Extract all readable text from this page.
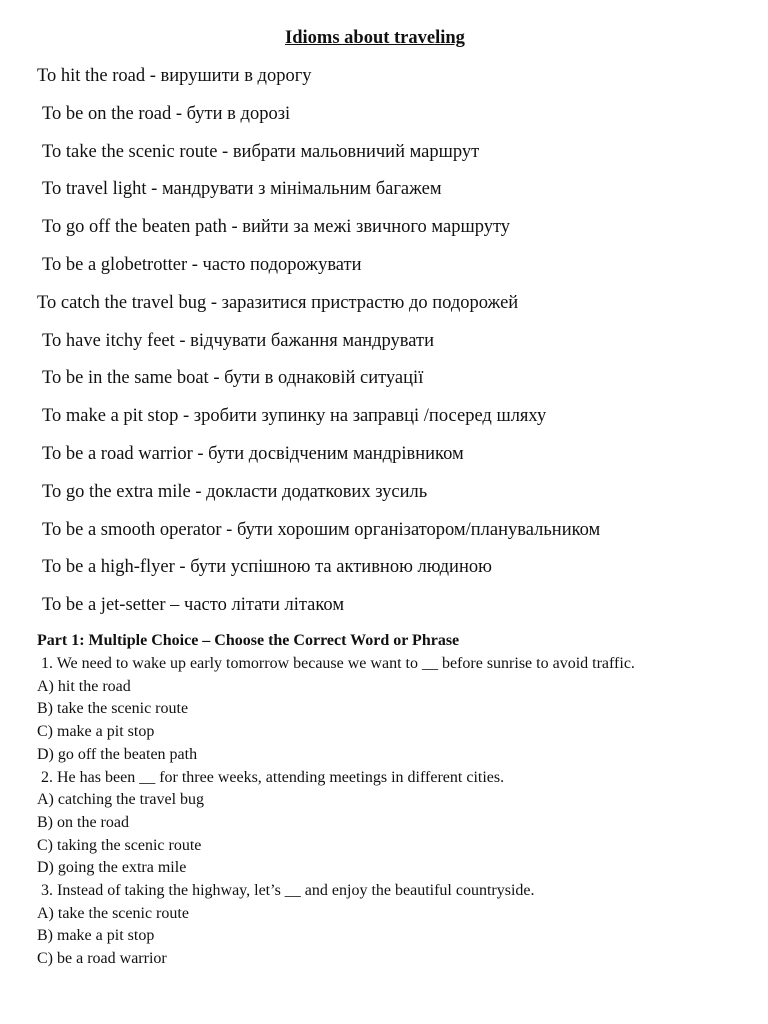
Idioms about traveling
To hit the road - вирушити в дорогу
To be on the road - бути в дорозі
To take the scenic route - вибрати мальовничий маршрут
To travel light - мандрувати з мінімальним багажем
To go off the beaten path - вийти за межі звичного маршруту
To be a globetrotter - часто подорожувати
To catch the travel bug - заразитися пристрастю до подорожей
To have itchy feet - відчувати бажання мандрувати
To be in the same boat - бути в однаковій ситуації
To make a pit stop - зробити зупинку на заправці /посеред шляху
To be a road warrior - бути досвідченим мандрівником
To go the extra mile - докласти додаткових зусиль
To be a smooth operator - бути хорошим організатором/планувальником
To be a high-flyer - бути успішною та активною людиною
To be a jet-setter – часто літати літаком
Part 1: Multiple Choice – Choose the Correct Word or Phrase
1. We need to wake up early tomorrow because we want to __ before sunrise to avoid traffic.
A) hit the road
B) take the scenic route
C) make a pit stop
D) go off the beaten path
2. He has been __ for three weeks, attending meetings in different cities.
A) catching the travel bug
B) on the road
C) taking the scenic route
D) going the extra mile
3. Instead of taking the highway, let’s __ and enjoy the beautiful countryside.
A) take the scenic route
B) make a pit stop
C) be a road warrior
